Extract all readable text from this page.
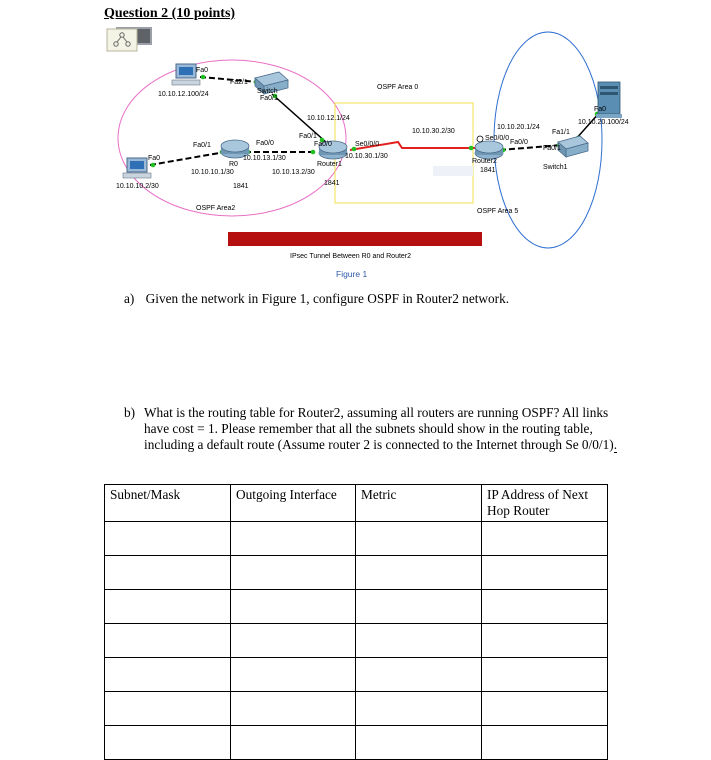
Question 2 (10 points)
Fa0
10.10.12.100/24
Fa2/1
Switch
Fa0/1
OSPF Area 0
10.10.12.1/24
Fa0/1
Fa0/0	Se0/0/0
10.10.30.1/30
Router1
10.10.13.2/30
1841
Fa0/0
Fa0/1
10.10.13.1/30
R0
10.10.10.1/30
1841
Fa0
10.10.10.2/30
OSPF Area2
10.10.30.2/30
10.10.20.1/24
Se0/0/0
Fa0/0
Router2
1841
Fa1/1
Fa0/1
Switch1
Fa0
10.10.20.100/24
OSPF Area 5
IPsec Tunnel Between R0 and Router2
Figure 1
a) Given the network in Figure 1, configure OSPF in Router2 network.
b) What is the routing table for Router2, assuming all routers are running OSPF? All links have cost = 1. Please remember that all the subnets should show in the routing table, including a default route (Assume router 2 is connected to the Internet through Se 0/0/1).
Subnet/Mask	Outgoing Interface	Metric	IP Address of Next Hop Router
